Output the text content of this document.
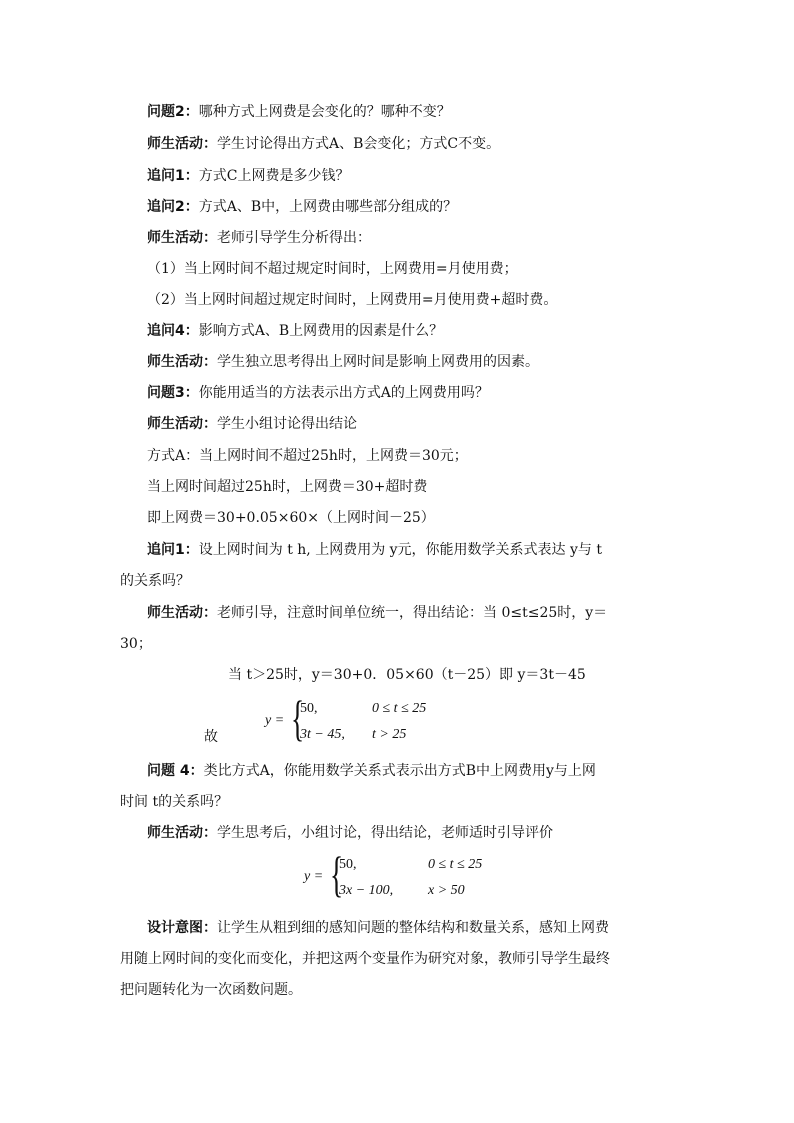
问题2：哪种方式上网费是会变化的？哪种不变？
师生活动：学生讨论得出方式A、B会变化；方式C不变。
追问1：方式C上网费是多少钱？
追问2：方式A、B中，上网费由哪些部分组成的？
师生活动：老师引导学生分析得出：
（1）当上网时间不超过规定时间时，上网费用=月使用费；
（2）当上网时间超过规定时间时，上网费用=月使用费+超时费。
追问4：影响方式A、B上网费用的因素是什么？
师生活动：学生独立思考得出上网时间是影响上网费用的因素。
问题3：你能用适当的方法表示出方式A的上网费用吗？
师生活动：学生小组讨论得出结论
方式A：当上网时间不超过25h时，上网费＝30元；
当上网时间超过25h时，上网费＝30+超时费
即上网费＝30+0.05×60×（上网时间－25）
追问1：设上网时间为 t h, 上网费用为 y元，你能用数学关系式表达 y与 t
的关系吗？
师生活动：老师引导，注意时间单位统一，得出结论：当 0≤t≤25时，y＝
30；
当 t＞25时，y＝30+0．05×60（t－25）即 y＝3t－45
故
y = {
50,	0 ≤ t ≤ 25
3t − 45, t > 25
问题 4：类比方式A，你能用数学关系式表示出方式B中上网费用y与上网
时间 t的关系吗？
师生活动：学生思考后，小组讨论，得出结论，老师适时引导评价
y = {
50,	0 ≤ t ≤ 25
3x − 100, x > 50
设计意图：让学生从粗到细的感知问题的整体结构和数量关系，感知上网费
用随上网时间的变化而变化，并把这两个变量作为研究对象，教师引导学生最终
把问题转化为一次函数问题。
